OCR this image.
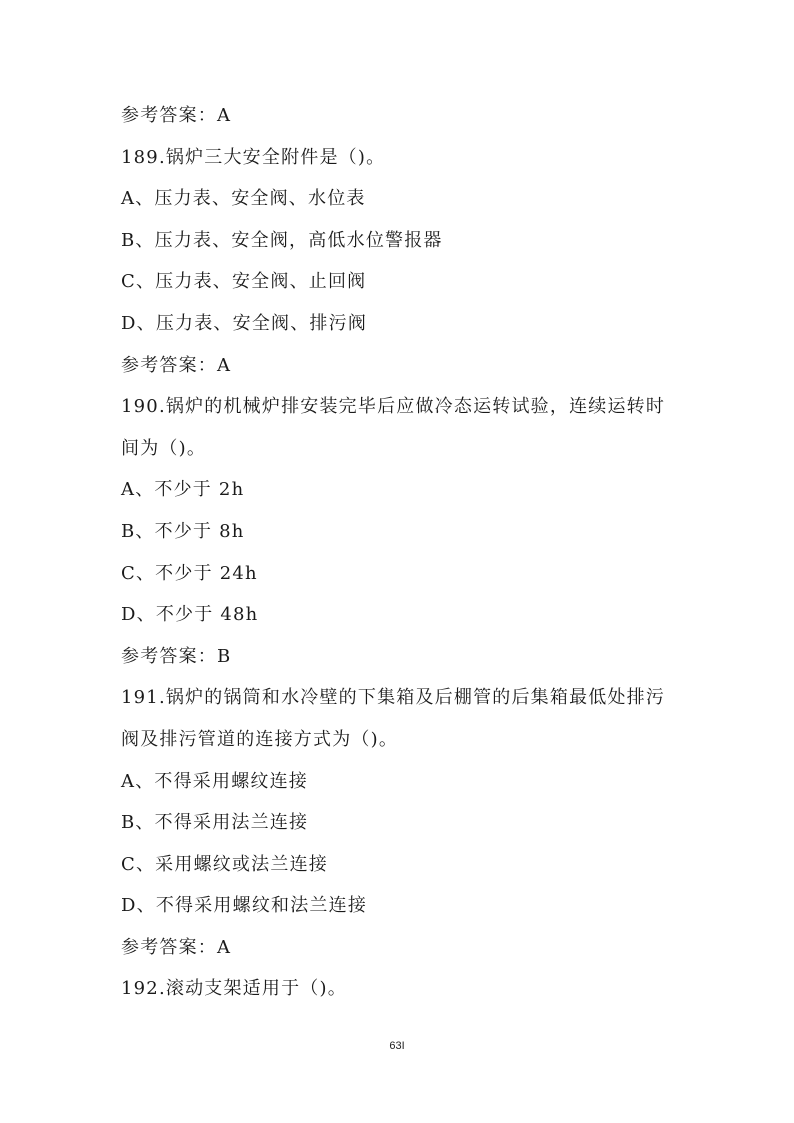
参考答案：A
189.锅炉三大安全附件是（)。
A、压力表、安全阀、水位表
B、压力表、安全阀，高低水位警报器
C、压力表、安全阀、止回阀
D、压力表、安全阀、排污阀
参考答案：A
190.锅炉的机械炉排安装完毕后应做冷态运转试验，连续运转时
间为（)。
A、不少于 2h
B、不少于 8h
C、不少于 24h
D、不少于 48h
参考答案：B
191.锅炉的锅筒和水冷壁的下集箱及后棚管的后集箱最低处排污
阀及排污管道的连接方式为（)。
A、不得采用螺纹连接
B、不得采用法兰连接
C、采用螺纹或法兰连接
D、不得采用螺纹和法兰连接
参考答案：A
192.滚动支架适用于（)。
63I
